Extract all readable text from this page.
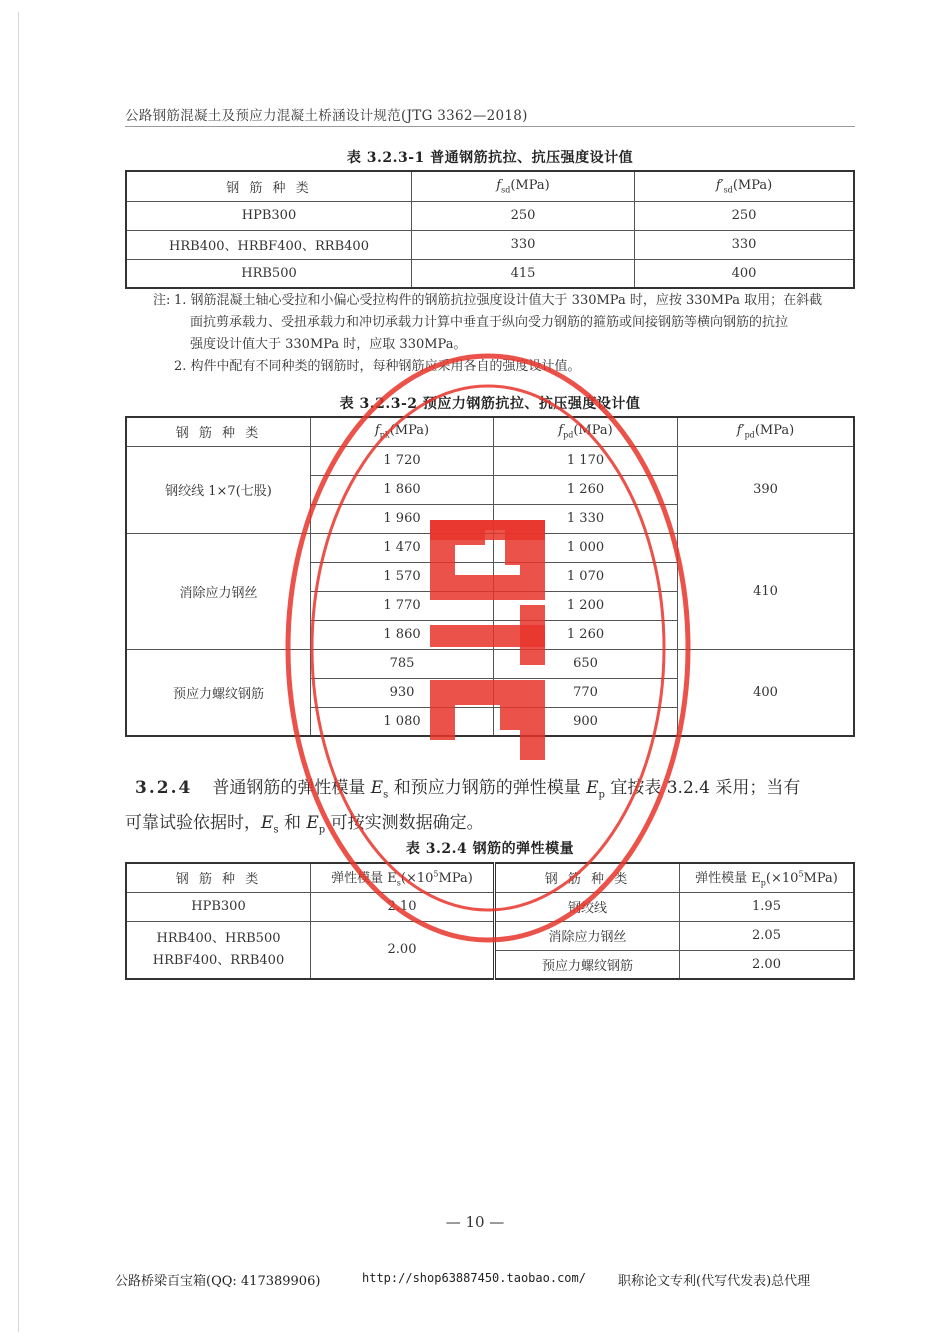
公路钢筋混凝土及预应力混凝土桥涵设计规范(JTG 3362—2018)
表 3.2.3-1 普通钢筋抗拉、抗压强度设计值
钢 筋 种 类	$f_{sd}(MPa)$	$f'_{sd}(MPa)$
HPB300	250	250
HRB400、HRBF400、RRB400	330	330
HRB500	415	400
注: 1. 钢筋混凝土轴心受拉和小偏心受拉构件的钢筋抗拉强度设计值大于 330MPa 时，应按 330MPa 取用；在斜截
面抗剪承载力、受扭承载力和冲切承载力计算中垂直于纵向受力钢筋的箍筋或间接钢筋等横向钢筋的抗拉
强度设计值大于 330MPa 时，应取 330MPa。
2. 构件中配有不同种类的钢筋时，每种钢筋应采用各自的强度设计值。
表 3.2.3-2 预应力钢筋抗拉、抗压强度设计值
钢 筋 种 类	$f_{pk}(MPa)$	$f_{pd}(MPa)$	$f'_{pd}(MPa)$
钢绞线 1×7(七股)	1 720	1 170	390
	1 860	1 260	
	1 960	1 330	
消除应力钢丝	1 470	1 000	410
	1 570	1 070	
	1 770	1 200	
	1 860	1 260	
预应力螺纹钢筋	785	650	400
	930	770	
	1 080	900	
3.2.4 普通钢筋的弹性模量 $E_s$ 和预应力钢筋的弹性模量 $E_p$ 宜按表 3.2.4 采用；当有
可靠试验依据时，$E_s$ 和 $E_p$ 可按实测数据确定。
表 3.2.4 钢筋的弹性模量
钢 筋 种 类	弹性模量 $E_s(\times 10^5MPa)$	钢 筋 种 类	弹性模量 $E_p(\times 10^5MPa)$
HPB300	2.10	钢绞线	1.95
HRB400、HRB500
HRBF400、RRB400	2.00	消除应力钢丝	2.05
		预应力螺纹钢筋	2.00
— 10 —
公路桥梁百宝箱(QQ: 417389906)	http://shop63887450.taobao.com/ 职称论文专利(代写代发表)总代理
